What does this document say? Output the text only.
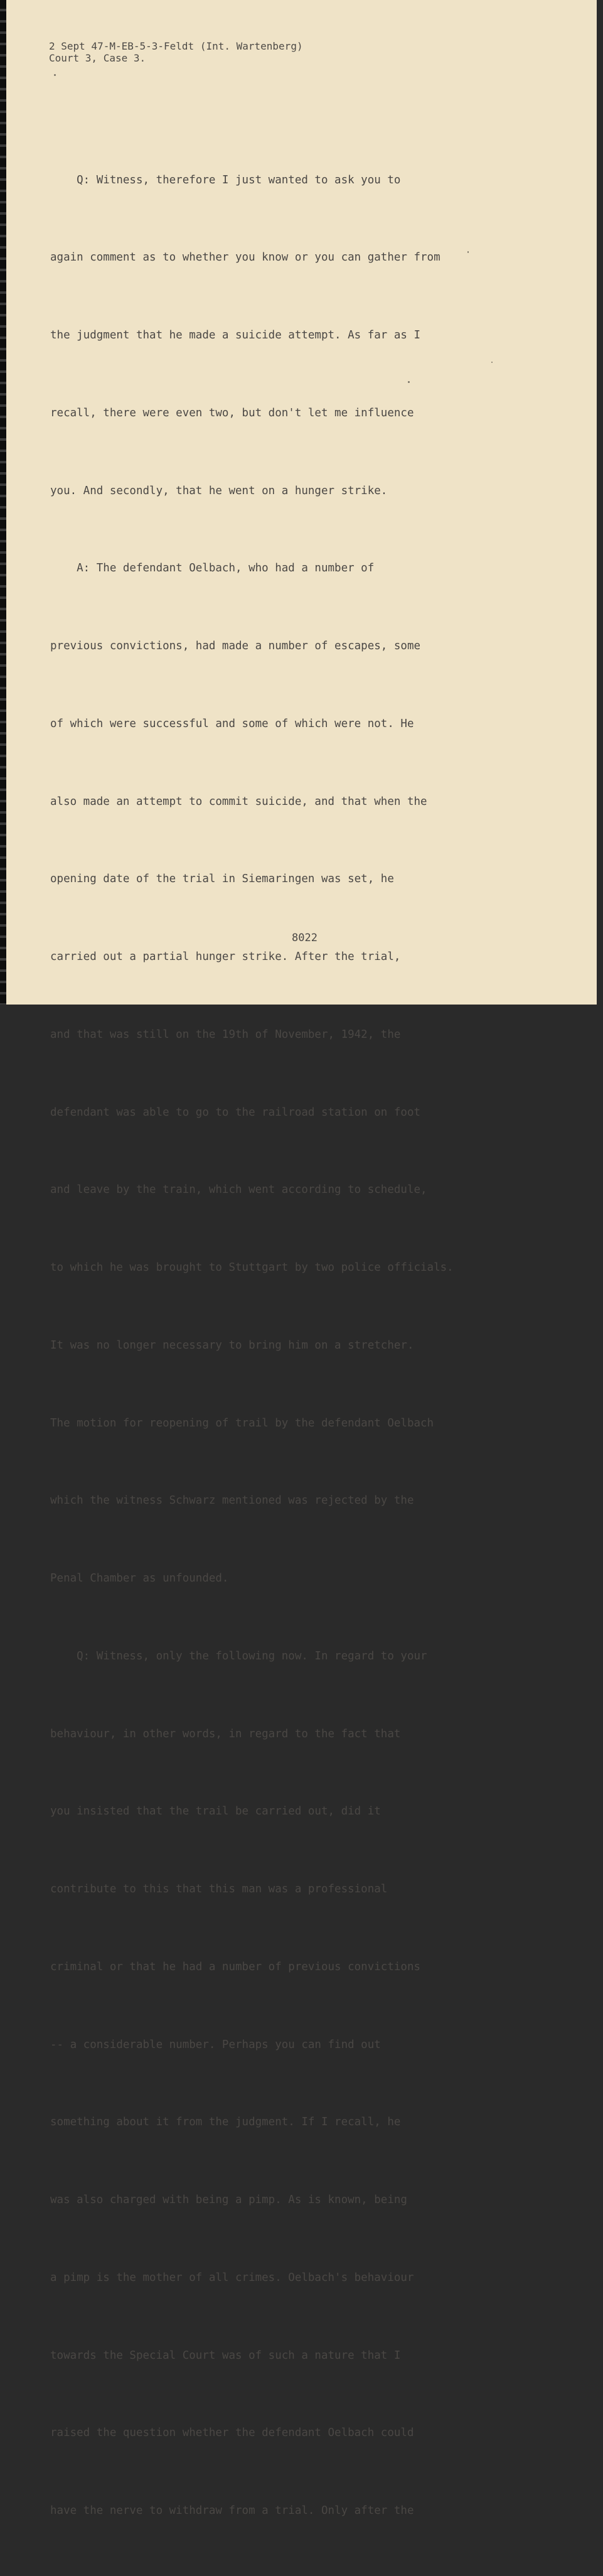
2 Sept 47-M-EB-5-3-Feldt (Int. Wartenberg)
Court 3, Case 3.

Q: Witness, therefore I just wanted to ask you to

again comment as to whether you know or you can gather from

the judgment that he made a suicide attempt. As far as I

recall, there were even two, but don't let me influence

you. And secondly, that he went on a hunger strike.

A: The defendant Oelbach, who had a number of

previous convictions, had made a number of escapes, some

of which were successful and some of which were not. He

also made an attempt to commit suicide, and that when the

opening date of the trial in Siemaringen was set, he

carried out a partial hunger strike. After the trial,

and that was still on the 19th of November, 1942, the

defendant was able to go to the railroad station on foot

and leave by the train, which went according to schedule,

to which he was brought to Stuttgart by two police officials.

It was no longer necessary to bring him on a stretcher.

The motion for reopening of trail by the defendant Oelbach

which the witness Schwarz mentioned was rejected by the

Penal Chamber as unfounded.

Q: Witness, only the following now. In regard to your

behaviour, in other words, in regard to the fact that

you insisted that the trail be carried out, did it

contribute to this that this man was a professional

criminal or that he had a number of previous convictions

-- a considerable number. Perhaps you can find out

something about it from the judgment. If I recall, he

was also charged with being a pimp. As is known, being

a pimp is the mother of all crimes. Oelbach's behaviour

towards the Special Court was of such a nature that I

raised the question whether the defendant Oelbach could

have the nerve to withdraw from a trial. Only after the

8022
